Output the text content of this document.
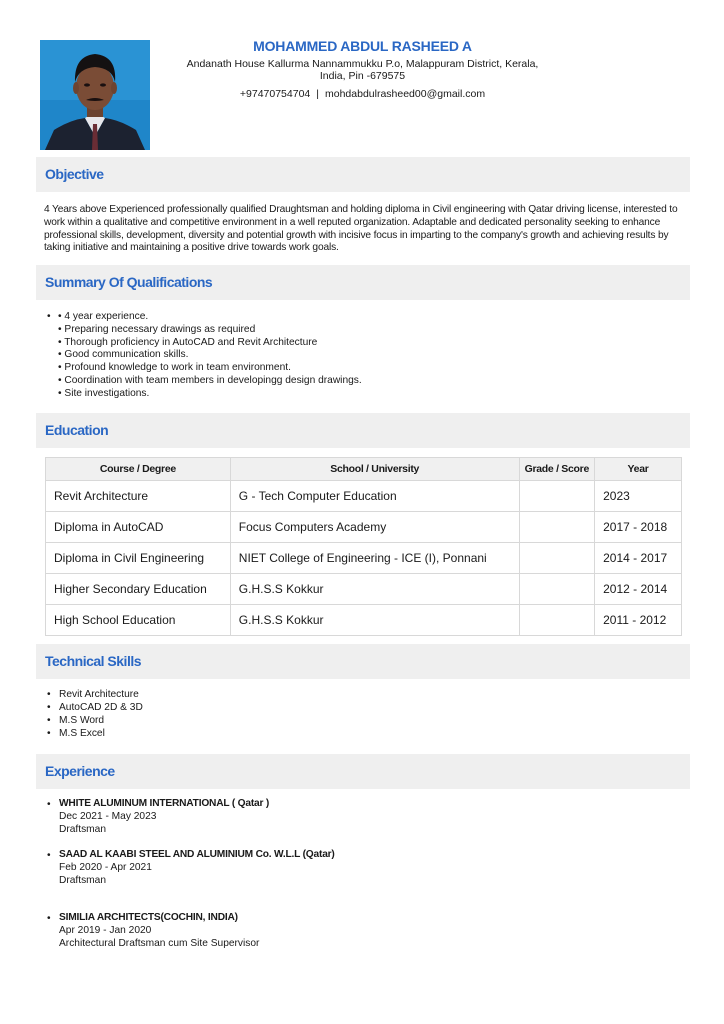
MOHAMMED ABDUL RASHEED A
Andanath House Kallurma Nannammukku P.o, Malappuram District, Kerala,
India, Pin -679575
+97470754704 | mohdabdulrasheed00@gmail.com
Objective
4 Years above Experienced professionally qualified Draughtsman and holding diploma in Civil engineering with Qatar driving license, interested to work within a qualitative and competitive environment in a well reputed organization. Adaptable and dedicated personality seeking to enhance professional skills, development, diversity and potential growth with incisive focus in imparting to the company's growth and achieving results by taking initiative and maintaining a positive drive towards work goals.
Summary Of Qualifications
• • 4 year experience.
• Preparing necessary drawings as required
• Thorough proficiency in AutoCAD and Revit Architecture
• Good communication skills.
• Profound knowledge to work in team environment.
• Coordination with team members in developingg design drawings.
• Site investigations.
Education
Course / Degree	School / University	Grade / Score	Year
Revit Architecture	G - Tech Computer Education		2023
Diploma in AutoCAD	Focus Computers Academy		2017 - 2018
Diploma in Civil Engineering	NIET College of Engineering - ICE (I), Ponnani		2014 - 2017
Higher Secondary Education	G.H.S.S Kokkur		2012 - 2014
High School Education	G.H.S.S Kokkur		2011 - 2012
Technical Skills
• Revit Architecture
• AutoCAD 2D & 3D
• M.S Word
• M.S Excel
Experience
• WHITE ALUMINUM INTERNATIONAL ( Qatar )
Dec 2021 - May 2023
Draftsman
• SAAD AL KAABI STEEL AND ALUMINIUM Co. W.L.L (Qatar)
Feb 2020 - Apr 2021
Draftsman
• SIMILIA ARCHITECTS(COCHIN, INDIA)
Apr 2019 - Jan 2020
Architectural Draftsman cum Site Supervisor
